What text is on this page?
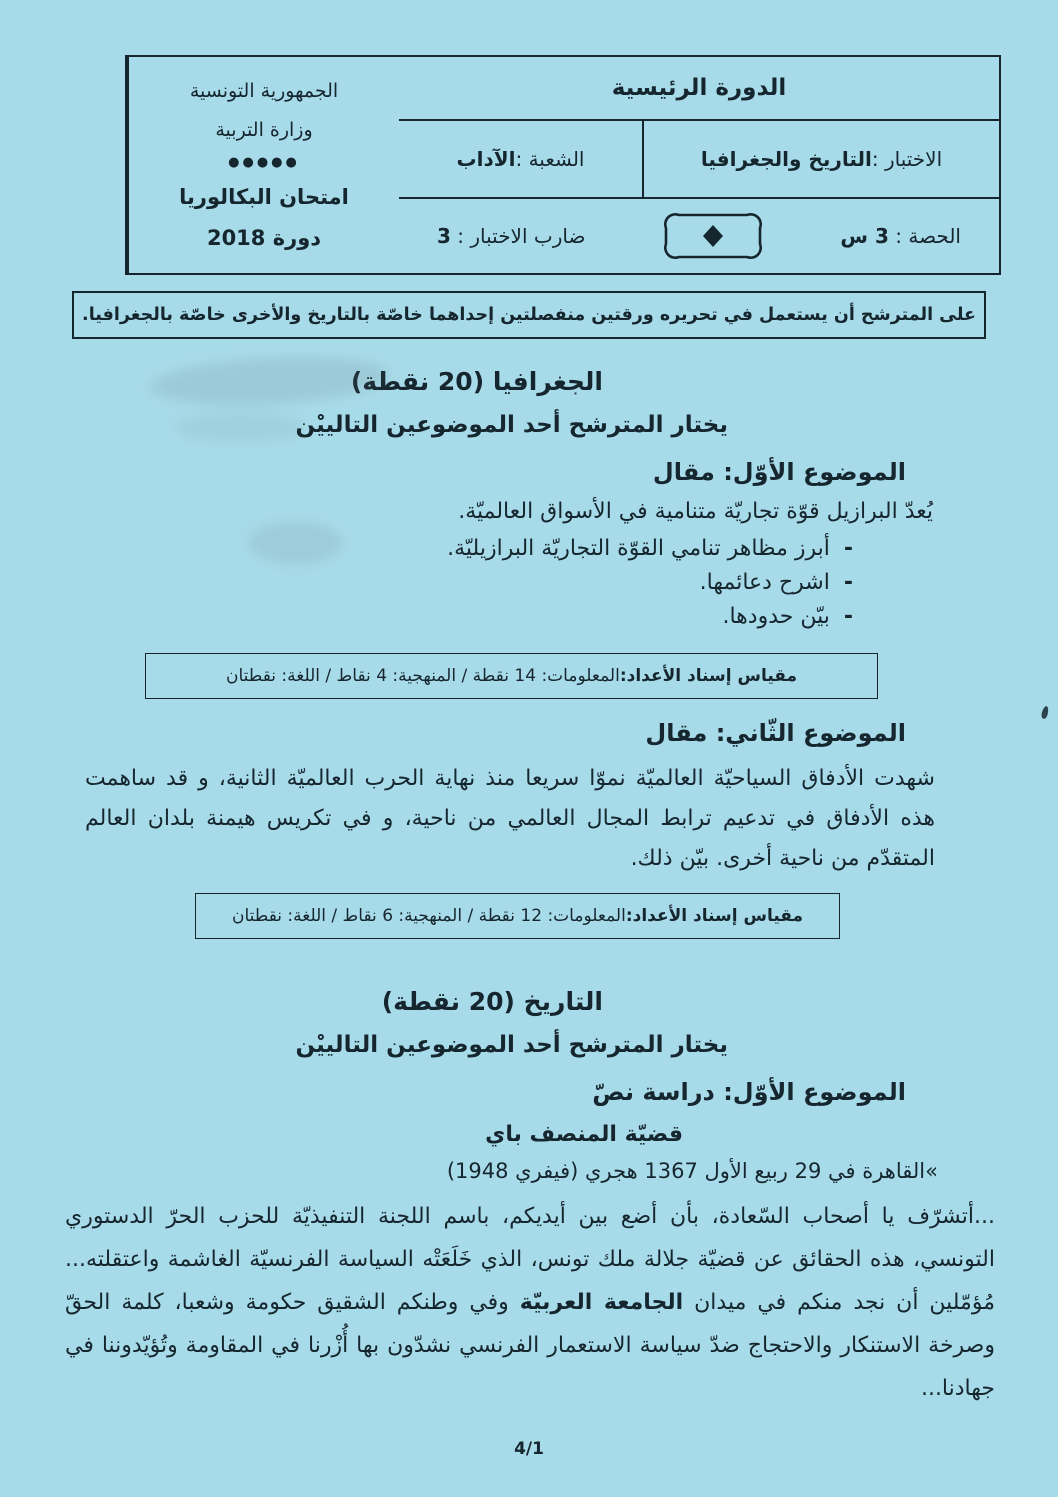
الدورة الرئيسية
الاختبار :
التاريخ والجغرافيا
الشعبة :
الآداب
الحصة : 3 س
ضارب الاختبار : 3
الجمهورية التونسية
وزارة التربية
●●●●●
امتحان البكالوريا
دورة 2018
على المترشح أن يستعمل في تحريره ورقتين منفصلتين إحداهما خاصّة بالتاريخ والأخرى خاصّة بالجغرافيا.
الجغرافيا (20 نقطة)
يختار المترشح أحد الموضوعين التالييْن
الموضوع الأوّل: مقال
يُعدّ البرازيل قوّة تجاريّة متنامية في الأسواق العالميّة.
-
أبرز مظاهر تنامي القوّة التجاريّة البرازيليّة.
-
اشرح دعائمها.
-
بيّن حدودها.
مقياس إسناد الأعداد:
المعلومات: 14 نقطة / المنهجية: 4 نقاط / اللغة: نقطتان
الموضوع الثّاني: مقال
شهدت الأدفاق السياحيّة العالميّة نموّا سريعا منذ نهاية الحرب العالميّة الثانية، و قد ساهمت هذه الأدفاق في تدعيم ترابط المجال العالمي من ناحية، و في تكريس هيمنة بلدان العالم المتقدّم من ناحية أخرى. بيّن ذلك.
مقياس إسناد الأعداد:
المعلومات: 12 نقطة / المنهجية: 6 نقاط / اللغة: نقطتان
التاريخ (20 نقطة)
يختار المترشح أحد الموضوعين التالييْن
الموضوع الأوّل: دراسة نصّ
قضيّة المنصف باي
»القاهرة في 29 ربيع الأول 1367 هجري (فيفري 1948)
...أتشرّف يا أصحاب السّعادة، بأن أضع بين أيديكم، باسم اللجنة التنفيذيّة للحزب الحرّ الدستوري التونسي، هذه الحقائق عن قضيّة جلالة ملك تونس، الذي خَلَعَتْه السياسة الفرنسيّة الغاشمة واعتقلته... مُؤمّلين أن نجد منكم في ميدان الجامعة العربيّة وفي وطنكم الشقيق حكومة وشعبا، كلمة الحقّ وصرخة الاستنكار والاحتجاج ضدّ سياسة الاستعمار الفرنسي نشدّون بها أُزْرنا في المقاومة وتُؤيّدوننا في جهادنا...
4/1
